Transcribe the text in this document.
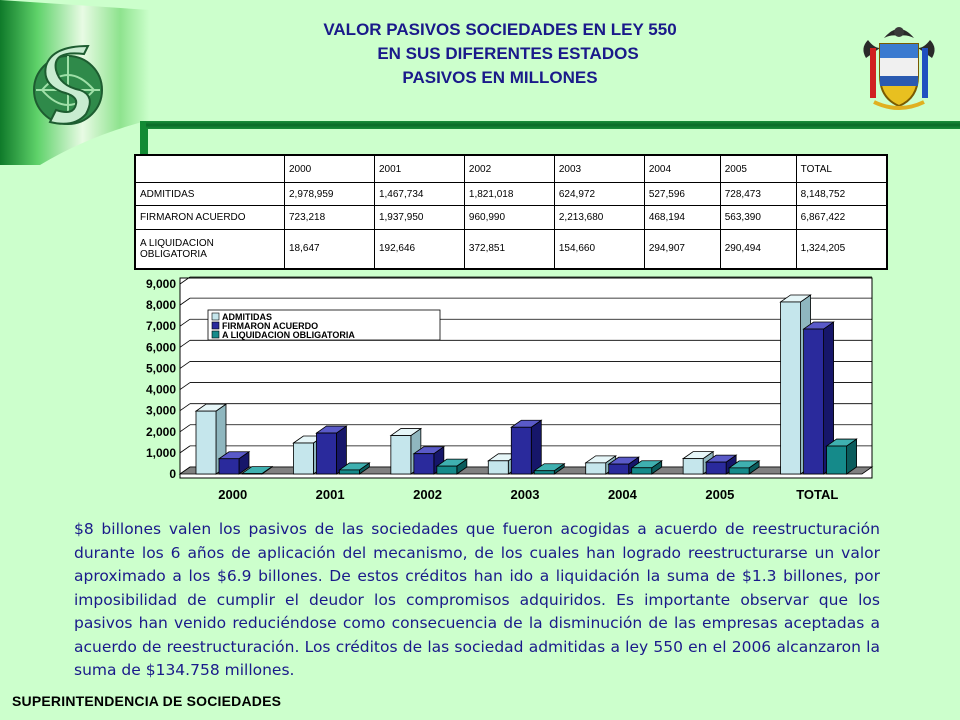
VALOR PASIVOS SOCIEDADES EN LEY 550
EN SUS DIFERENTES ESTADOS
PASIVOS EN MILLONES
	2000	2001	2002	2003	2004	2005	TOTAL
ADMITIDAS	2,978,959	1,467,734	1,821,018	624,972	527,596	728,473	8,148,752
FIRMARON ACUERDO	723,218	1,937,950	960,990	2,213,680	468,194	563,390	6,867,422
A LIQUIDACION OBLIGATORIA	18,647	192,646	372,851	154,660	294,907	290,494	1,324,205
0
1,000
2,000
3,000
4,000
5,000
6,000
7,000
8,000
9,000
2000	2001	2002	2003	2004	2005	TOTAL
ADMITIDAS
FIRMARON ACUERDO
A LIQUIDACION OBLIGATORIA

$8 billones valen los pasivos de las sociedades que fueron acogidas a acuerdo de reestructuración durante los 6 años de aplicación del mecanismo, de los cuales han logrado reestructurarse un valor aproximado a los $6.9 billones. De estos créditos han ido a liquidación la suma de $1.3 billones, por imposibilidad de cumplir el deudor los compromisos adquiridos. Es importante observar que los pasivos han venido reduciéndose como consecuencia de la disminución de las empresas aceptadas a acuerdo de reestructuración. Los créditos de las sociedad admitidas a ley 550 en el 2006 alcanzaron la suma de $134.758 millones.

SUPERINTENDENCIA DE SOCIEDADES
